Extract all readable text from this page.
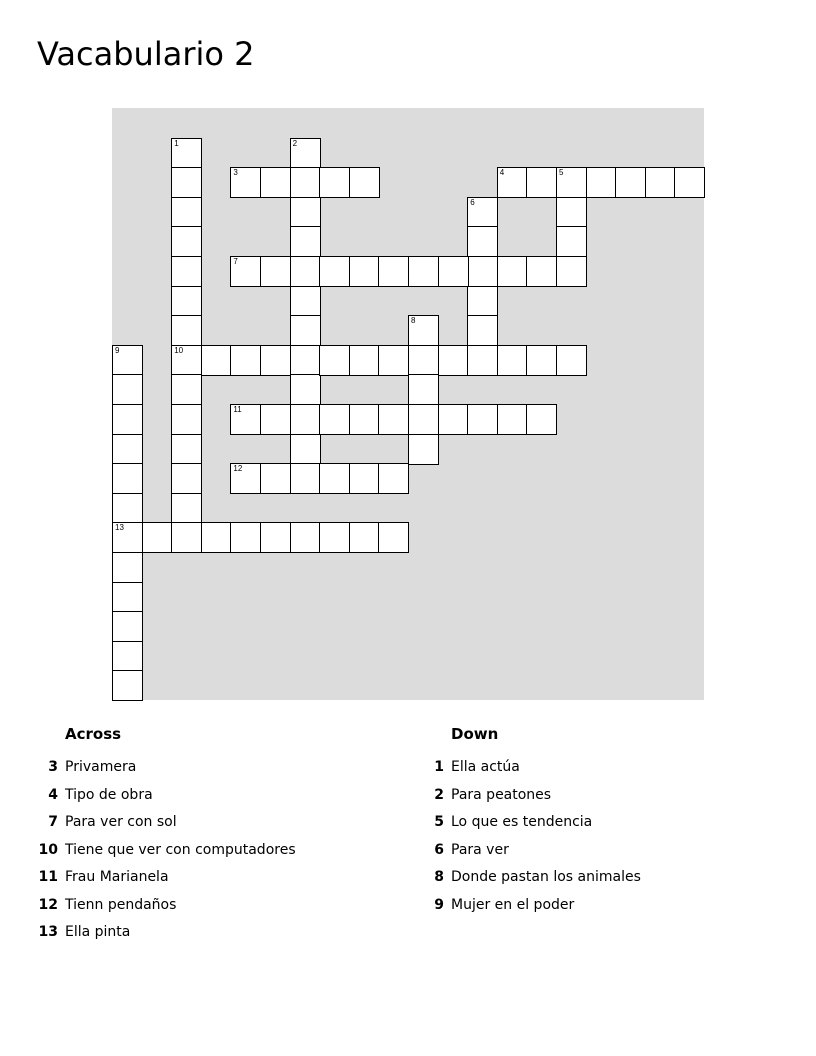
Vacabulario 2
1
10
2
3	4	5
6
7
8
9
13
11
12
Across
3 Privamera
4 Tipo de obra
7 Para ver con sol
10 Tiene que ver con computadores
11 Frau Marianela
12 Tienn pendaños
13 Ella pinta
Down
1 Ella actúa
2 Para peatones
5 Lo que es tendencia
6 Para ver
8 Donde pastan los animales
9 Mujer en el poder
